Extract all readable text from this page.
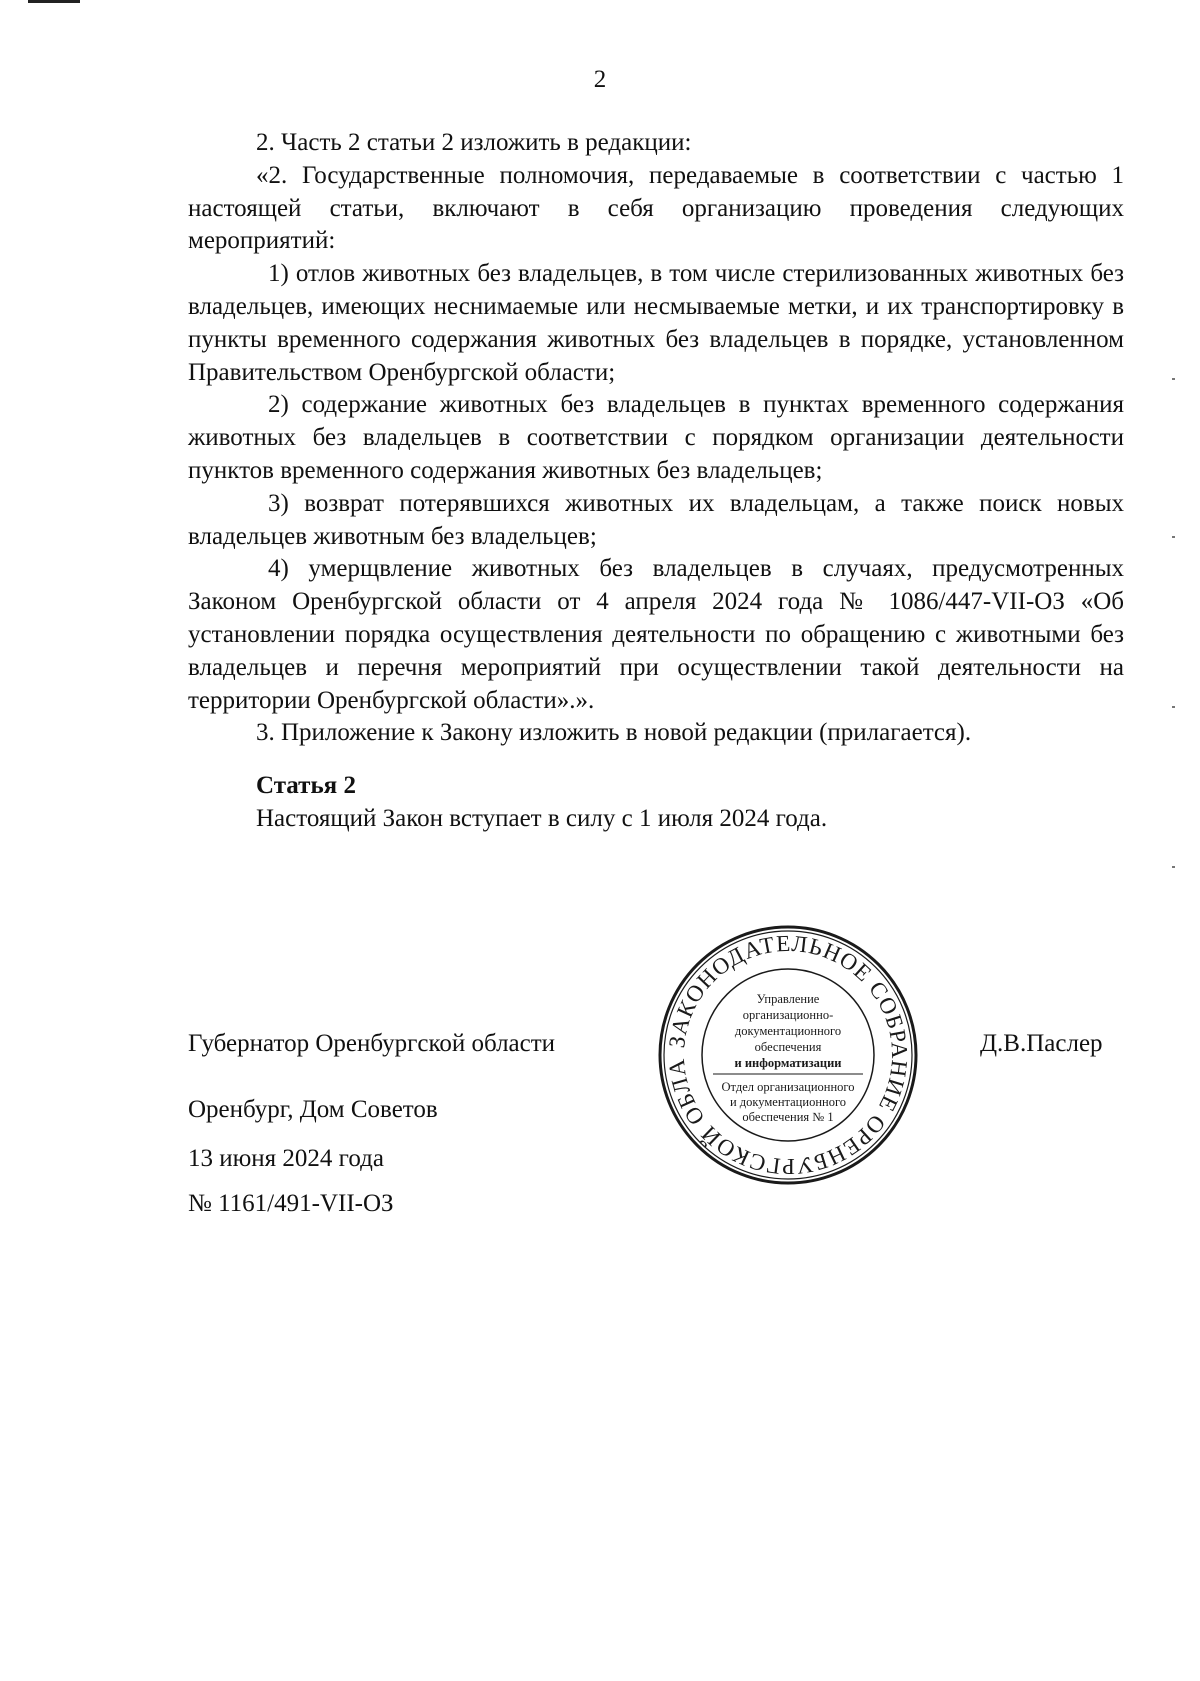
2

2. Часть 2 статьи 2 изложить в редакции:

«2. Государственные полномочия, передаваемые в соответствии с частью 1 настоящей статьи, включают в себя организацию проведения следующих мероприятий:

1) отлов животных без владельцев, в том числе стерилизованных животных без владельцев, имеющих неснимаемые или несмываемые метки, и их транспортировку в пункты временного содержания животных без владельцев в порядке, установленном Правительством Оренбургской области;

2) содержание животных без владельцев в пунктах временного содержания животных без владельцев в соответствии с порядком организации деятельности пунктов временного содержания животных без владельцев;

3) возврат потерявшихся животных их владельцам, а также поиск новых владельцев животным без владельцев;

4) умерщвление животных без владельцев в случаях, предусмотренных Законом Оренбургской области от 4 апреля 2024 года № 1086/447-VII-ОЗ «Об установлении порядка осуществления деятельности по обращению с животными без владельцев и перечня мероприятий при осуществлении такой деятельности на территории Оренбургской области».».

3. Приложение к Закону изложить в новой редакции (прилагается).

Статья 2

Настоящий Закон вступает в силу с 1 июля 2024 года.

Губернатор Оренбургской области	Д.В.Паслер
Оренбург, Дом Советов
13 июня 2024 года
№ 1161/491-VII-ОЗ
ЗАКОНОДАТЕЛЬНОЕ СОБРАНИЕ ОРЕНБУРГСКОЙ ОБЛА
Управление
организационно-
документационного
обеспечения
и информатизации
Отдел организационного
и документационного
обеспечения № 1
